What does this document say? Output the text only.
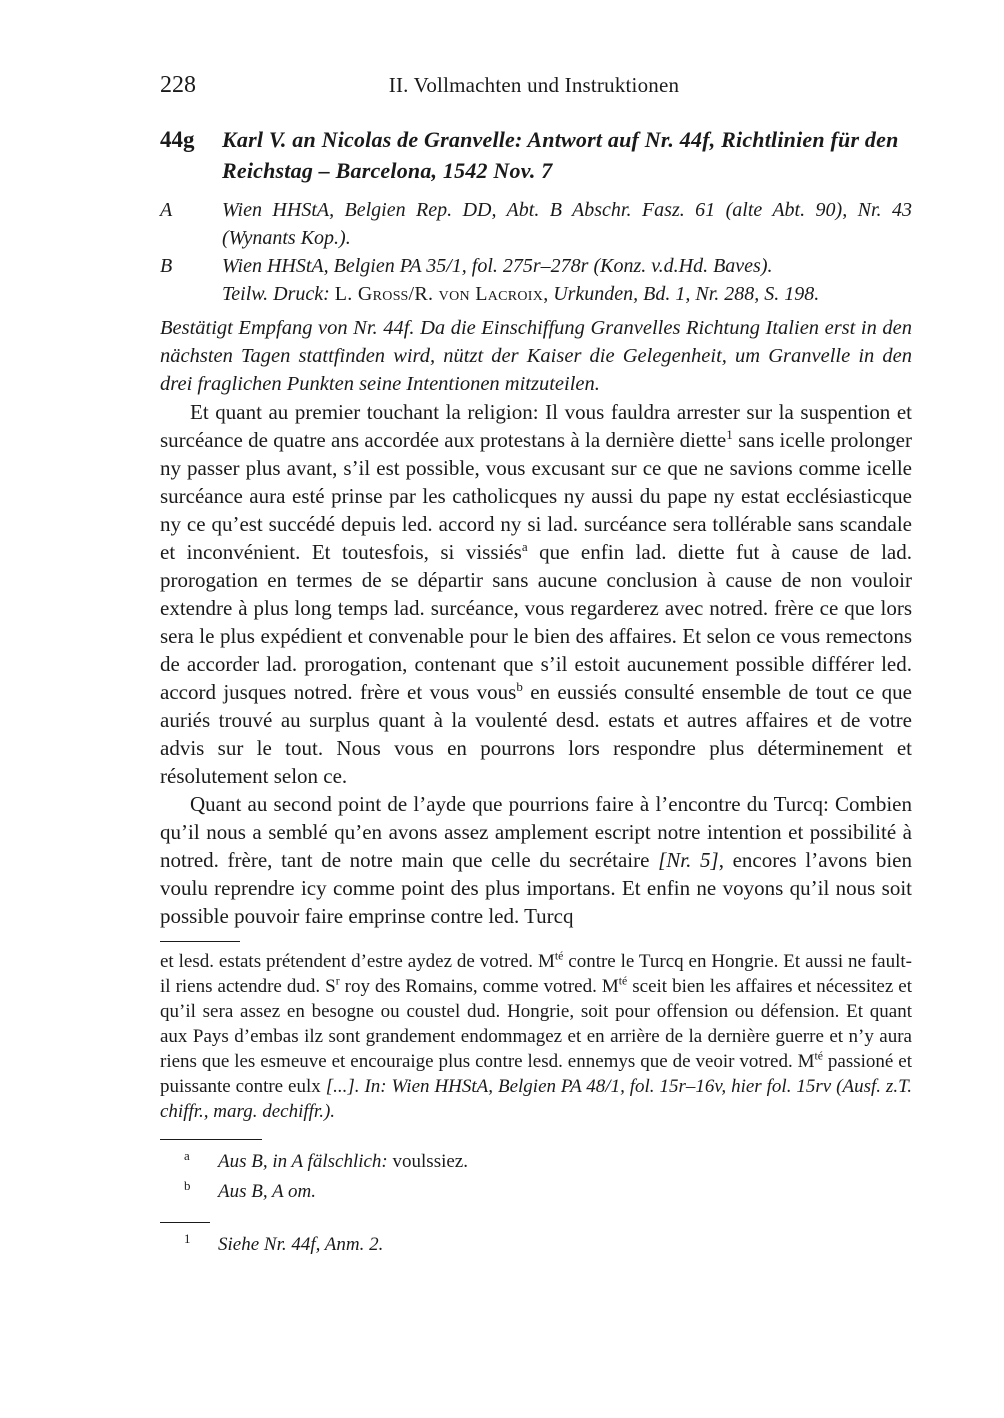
228	II. Vollmachten und Instruktionen
44g	Karl V. an Nicolas de Granvelle: Antwort auf Nr. 44f, Richtlinien für den Reichstag – Barcelona, 1542 Nov. 7
A	Wien HHStA, Belgien Rep. DD, Abt. B Abschr. Fasz. 61 (alte Abt. 90), Nr. 43 (Wynants Kop.).
B	Wien HHStA, Belgien PA 35/1, fol. 275r–278r (Konz. v.d.Hd. Baves).
Teilw. Druck: L. Groß/R. von Lacroix, Urkunden, Bd. 1, Nr. 288, S. 198.

Bestätigt Empfang von Nr. 44f. Da die Einschiffung Granvelles Richtung Italien erst in den nächsten Tagen stattfinden wird, nützt der Kaiser die Gelegenheit, um Granvelle in den drei fraglichen Punkten seine Intentionen mitzuteilen.

Et quant au premier touchant la religion: Il vous fauldra arrester sur la suspention et surcéance de quatre ans accordée aux protestans à la dernière diette$^1$ sans icelle prolonger ny passer plus avant, s’il est possible, vous excusant sur ce que ne savions comme icelle surcéance aura esté prinse par les catholicques ny aussi du pape ny estat ecclésiasticque ny ce qu’est succédé depuis led. accord ny si lad. surcéance sera tollérable sans scandale et inconvénient. Et toutesfois, si vissiés$^a$ que enfin lad. diette fut à cause de lad. prorogation en termes de se départir sans aucune conclusion à cause de non vouloir extendre à plus long temps lad. surcéance, vous regarderez avec notred. frère ce que lors sera le plus expédient et convenable pour le bien des affaires. Et selon ce vous remectons de accorder lad. prorogation, contenant que s’il estoit aucunement possible différer led. accord jusques notred. frère et vous vous$^b$ en eussiés consulté ensemble de tout ce que auriés trouvé au surplus quant à la voulenté desd. estats et autres affaires et de votre advis sur le tout. Nous vous en pourrons lors respondre plus déterminement et résolutement selon ce.

Quant au second point de l’ayde que pourrions faire à l’encontre du Turcq: Combien qu’il nous a semblé qu’en avons assez amplement escript notre intention et possibilité à notred. frère, tant de notre main que celle du secrétaire [Nr. 5], encores l’avons bien voulu reprendre icy comme point des plus importans. Et enfin ne voyons qu’il nous soit possible pouvoir faire emprinse contre led. Turcq

et lesd. estats prétendent d’estre aydez de votred. $M^{té}$ contre le Turcq en Hongrie. Et aussi ne fault-il riens actendre dud. $S^r$ roy des Romains, comme votred. $M^{té}$ sceit bien les affaires et nécessitez et qu’il sera assez en besogne ou coustel dud. Hongrie, soit pour offension ou défension. Et quant aux Pays d’embas ilz sont grandement endommagez et en arrière de la dernière guerre et n’y aura riens que les esmeuve et encouraige plus contre lesd. ennemys que de veoir votred. $M^{té}$ passioné et puissante contre eulx [...]. In: Wien HHStA, Belgien PA 48/1, fol. 15r–16v, hier fol. 15rv (Ausf. z.T. chiffr., marg. dechiffr.).

a Aus B, in A fälschlich: voulssiez.
b Aus B, A om.
1 Siehe Nr. 44f, Anm. 2.
